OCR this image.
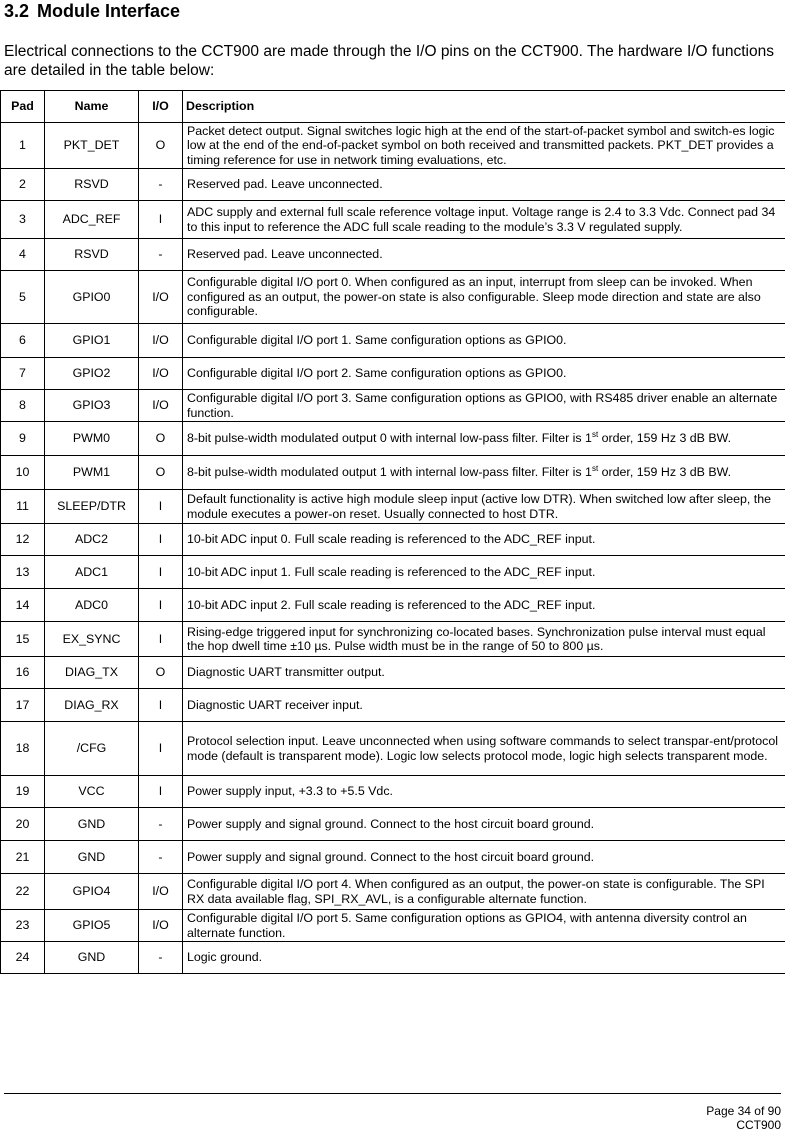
3.2 Module Interface
Electrical connections to the CCT900 are made through the I/O pins on the CCT900. The hardware I/O functions are detailed in the table below:
Pad	Name	I/O	Description
1	PKT_DET	O	Packet detect output. Signal switches logic high at the end of the start-of-packet symbol and switch-es logic low at the end of the end-of-packet symbol on both received and transmitted packets. PKT_DET provides a timing reference for use in network timing evaluations, etc.
2	RSVD	-	Reserved pad. Leave unconnected.
3	ADC_REF	I	ADC supply and external full scale reference voltage input. Voltage range is 2.4 to 3.3 Vdc. Connect pad 34 to this input to reference the ADC full scale reading to the module’s 3.3 V regulated supply.
4	RSVD	-	Reserved pad. Leave unconnected.
5	GPIO0	I/O	Configurable digital I/O port 0. When configured as an input, interrupt from sleep can be invoked. When configured as an output, the power-on state is also configurable. Sleep mode direction and state are also configurable.
6	GPIO1	I/O	Configurable digital I/O port 1. Same configuration options as GPIO0.
7	GPIO2	I/O	Configurable digital I/O port 2. Same configuration options as GPIO0.
8	GPIO3	I/O	Configurable digital I/O port 3. Same configuration options as GPIO0, with RS485 driver enable an alternate function.
9	PWM0	O	8-bit pulse-width modulated output 0 with internal low-pass filter. Filter is 1st order, 159 Hz 3 dB BW.
10	PWM1	O	8-bit pulse-width modulated output 1 with internal low-pass filter. Filter is 1st order, 159 Hz 3 dB BW.
11	SLEEP/DTR	I	Default functionality is active high module sleep input (active low DTR). When switched low after sleep, the module executes a power-on reset. Usually connected to host DTR.
12	ADC2	I	10-bit ADC input 0. Full scale reading is referenced to the ADC_REF input.
13	ADC1	I	10-bit ADC input 1. Full scale reading is referenced to the ADC_REF input.
14	ADC0	I	10-bit ADC input 2. Full scale reading is referenced to the ADC_REF input.
15	EX_SYNC	I	Rising-edge triggered input for synchronizing co-located bases. Synchronization pulse interval must equal the hop dwell time ±10 µs. Pulse width must be in the range of 50 to 800 µs.
16	DIAG_TX	O	Diagnostic UART transmitter output.
17	DIAG_RX	I	Diagnostic UART receiver input.
18	/CFG	I	Protocol selection input. Leave unconnected when using software commands to select transpar-ent/protocol mode (default is transparent mode). Logic low selects protocol mode, logic high selects transparent mode.
19	VCC	I	Power supply input, +3.3 to +5.5 Vdc.
20	GND	-	Power supply and signal ground. Connect to the host circuit board ground.
21	GND	-	Power supply and signal ground. Connect to the host circuit board ground.
22	GPIO4	I/O	Configurable digital I/O port 4. When configured as an output, the power-on state is configurable. The SPI RX data available flag, SPI_RX_AVL, is a configurable alternate function.
23	GPIO5	I/O	Configurable digital I/O port 5. Same configuration options as GPIO4, with antenna diversity control an alternate function.
24	GND	-	Logic ground.
Page 34 of 90
CCT900
